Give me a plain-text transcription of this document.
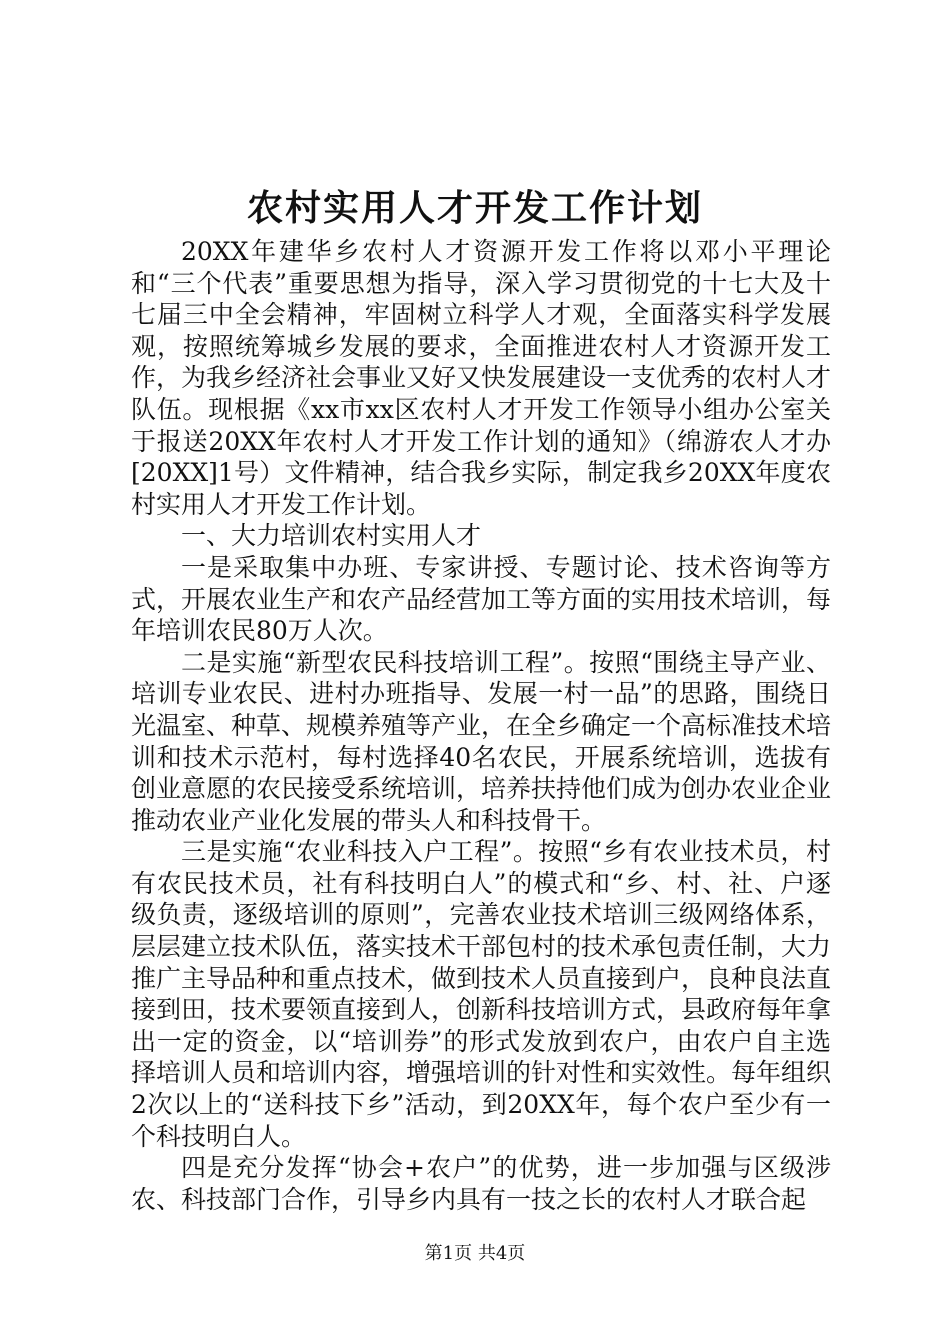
农村实用人才开发工作计划

20XX年建华乡农村人才资源开发工作将以邓小平理论和“三个代表”重要思想为指导，深入学习贯彻党的十七大及十七届三中全会精神，牢固树立科学人才观，全面落实科学发展观，按照统筹城乡发展的要求，全面推进农村人才资源开发工作，为我乡经济社会事业又好又快发展建设一支优秀的农村人才队伍。现根据《xx市xx区农村人才开发工作领导小组办公室关于报送20XX年农村人才开发工作计划的通知》（绵游农人才办[20XX]1号）文件精神，结合我乡实际，制定我乡20XX年度农村实用人才开发工作计划。

一、大力培训农村实用人才

一是采取集中办班、专家讲授、专题讨论、技术咨询等方式，开展农业生产和农产品经营加工等方面的实用技术培训，每年培训农民80万人次。

二是实施“新型农民科技培训工程”。按照“围绕主导产业、培训专业农民、进村办班指导、发展一村一品”的思路，围绕日光温室、种草、规模养殖等产业，在全乡确定一个高标准技术培训和技术示范村，每村选择40名农民，开展系统培训，选拔有创业意愿的农民接受系统培训，培养扶持他们成为创办农业企业推动农业产业化发展的带头人和科技骨干。

三是实施“农业科技入户工程”。按照“乡有农业技术员，村有农民技术员，社有科技明白人”的模式和“乡、村、社、户逐级负责，逐级培训的原则”，完善农业技术培训三级网络体系，层层建立技术队伍，落实技术干部包村的技术承包责任制，大力推广主导品种和重点技术，做到技术人员直接到户，良种良法直接到田，技术要领直接到人，创新科技培训方式，县政府每年拿出一定的资金，以“培训券”的形式发放到农户，由农户自主选择培训人员和培训内容，增强培训的针对性和实效性。每年组织2次以上的“送科技下乡”活动，到20XX年，每个农户至少有一个科技明白人。

四是充分发挥“协会+农户”的优势，进一步加强与区级涉农、科技部门合作，引导乡内具有一技之长的农村人才联合起

第1页 共4页
